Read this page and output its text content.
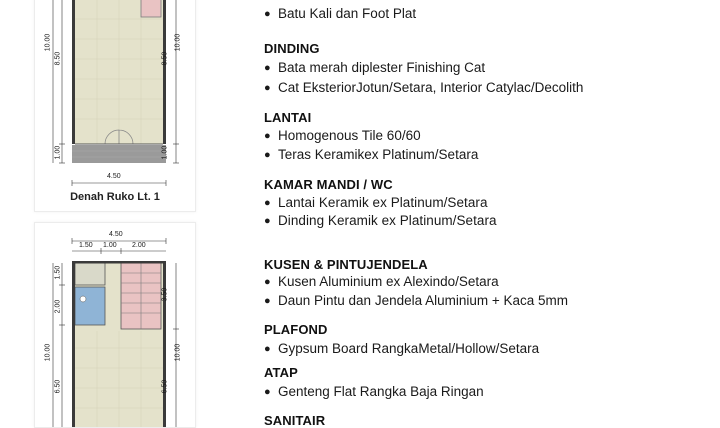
10.00
8.50
1.00
10.00
8.50
1.00
4.50
Denah Ruko Lt. 1
4.50
1.50 1.00 2.00
1.50
2.00
10.00
6.50
3.50
10.00
6.50
● Batu Kali dan Foot Plat
DINDING
● Bata merah diplester Finishing Cat
● Cat EksteriorJotun/Setara, Interior Catylac/Decolith
LANTAI
● Homogenous Tile 60/60
● Teras Keramikex Platinum/Setara
KAMAR MANDI / WC
● Lantai Keramik ex Platinum/Setara
● Dinding Keramik ex Platinum/Setara
KUSEN & PINTUJENDELA
● Kusen Aluminium ex Alexindo/Setara
● Daun Pintu dan Jendela Aluminium + Kaca 5mm
PLAFOND
● Gypsum Board RangkaMetal/Hollow/Setara
ATAP
● Genteng Flat Rangka Baja Ringan
SANITAIR
